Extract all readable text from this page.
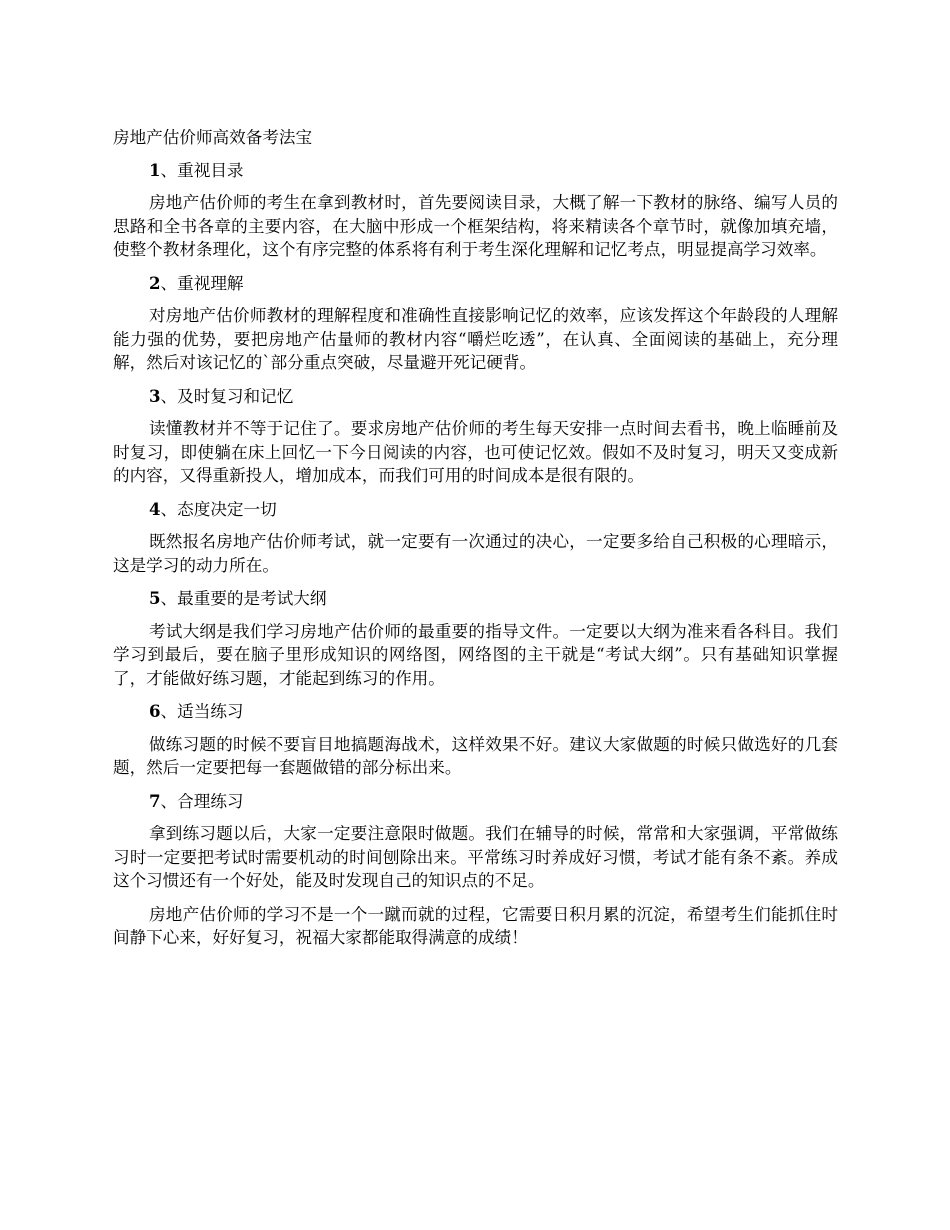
房地产估价师高效备考法宝

1、重视目录

房地产估价师的考生在拿到教材时，首先要阅读目录，大概了解一下教材的脉络、编写人员的思路和全书各章的主要内容，在大脑中形成一个框架结构，将来精读各个章节时，就像加填充墙，使整个教材条理化，这个有序完整的体系将有利于考生深化理解和记忆考点，明显提高学习效率。

2、重视理解

对房地产估价师教材的理解程度和准确性直接影响记忆的效率，应该发挥这个年龄段的人理解能力强的优势，要把房地产估量师的教材内容“嚼烂吃透”，在认真、全面阅读的基础上，充分理解，然后对该记忆的`部分重点突破，尽量避开死记硬背。

3、及时复习和记忆

读懂教材并不等于记住了。要求房地产估价师的考生每天安排一点时间去看书，晚上临睡前及时复习，即使躺在床上回忆一下今日阅读的内容，也可使记忆效。假如不及时复习，明天又变成新的内容，又得重新投人，增加成本，而我们可用的时间成本是很有限的。

4、态度决定一切

既然报名房地产估价师考试，就一定要有一次通过的决心，一定要多给自己积极的心理暗示，这是学习的动力所在。

5、最重要的是考试大纲

考试大纲是我们学习房地产估价师的最重要的指导文件。一定要以大纲为准来看各科目。我们学习到最后，要在脑子里形成知识的网络图，网络图的主干就是“考试大纲”。只有基础知识掌握了，才能做好练习题，才能起到练习的作用。

6、适当练习

做练习题的时候不要盲目地搞题海战术，这样效果不好。建议大家做题的时候只做选好的几套题，然后一定要把每一套题做错的部分标出来。

7、合理练习

拿到练习题以后，大家一定要注意限时做题。我们在辅导的时候，常常和大家强调，平常做练习时一定要把考试时需要机动的时间刨除出来。平常练习时养成好习惯，考试才能有条不紊。养成这个习惯还有一个好处，能及时发现自己的知识点的不足。

房地产估价师的学习不是一个一蹴而就的过程，它需要日积月累的沉淀，希望考生们能抓住时间静下心来，好好复习，祝福大家都能取得满意的成绩！
